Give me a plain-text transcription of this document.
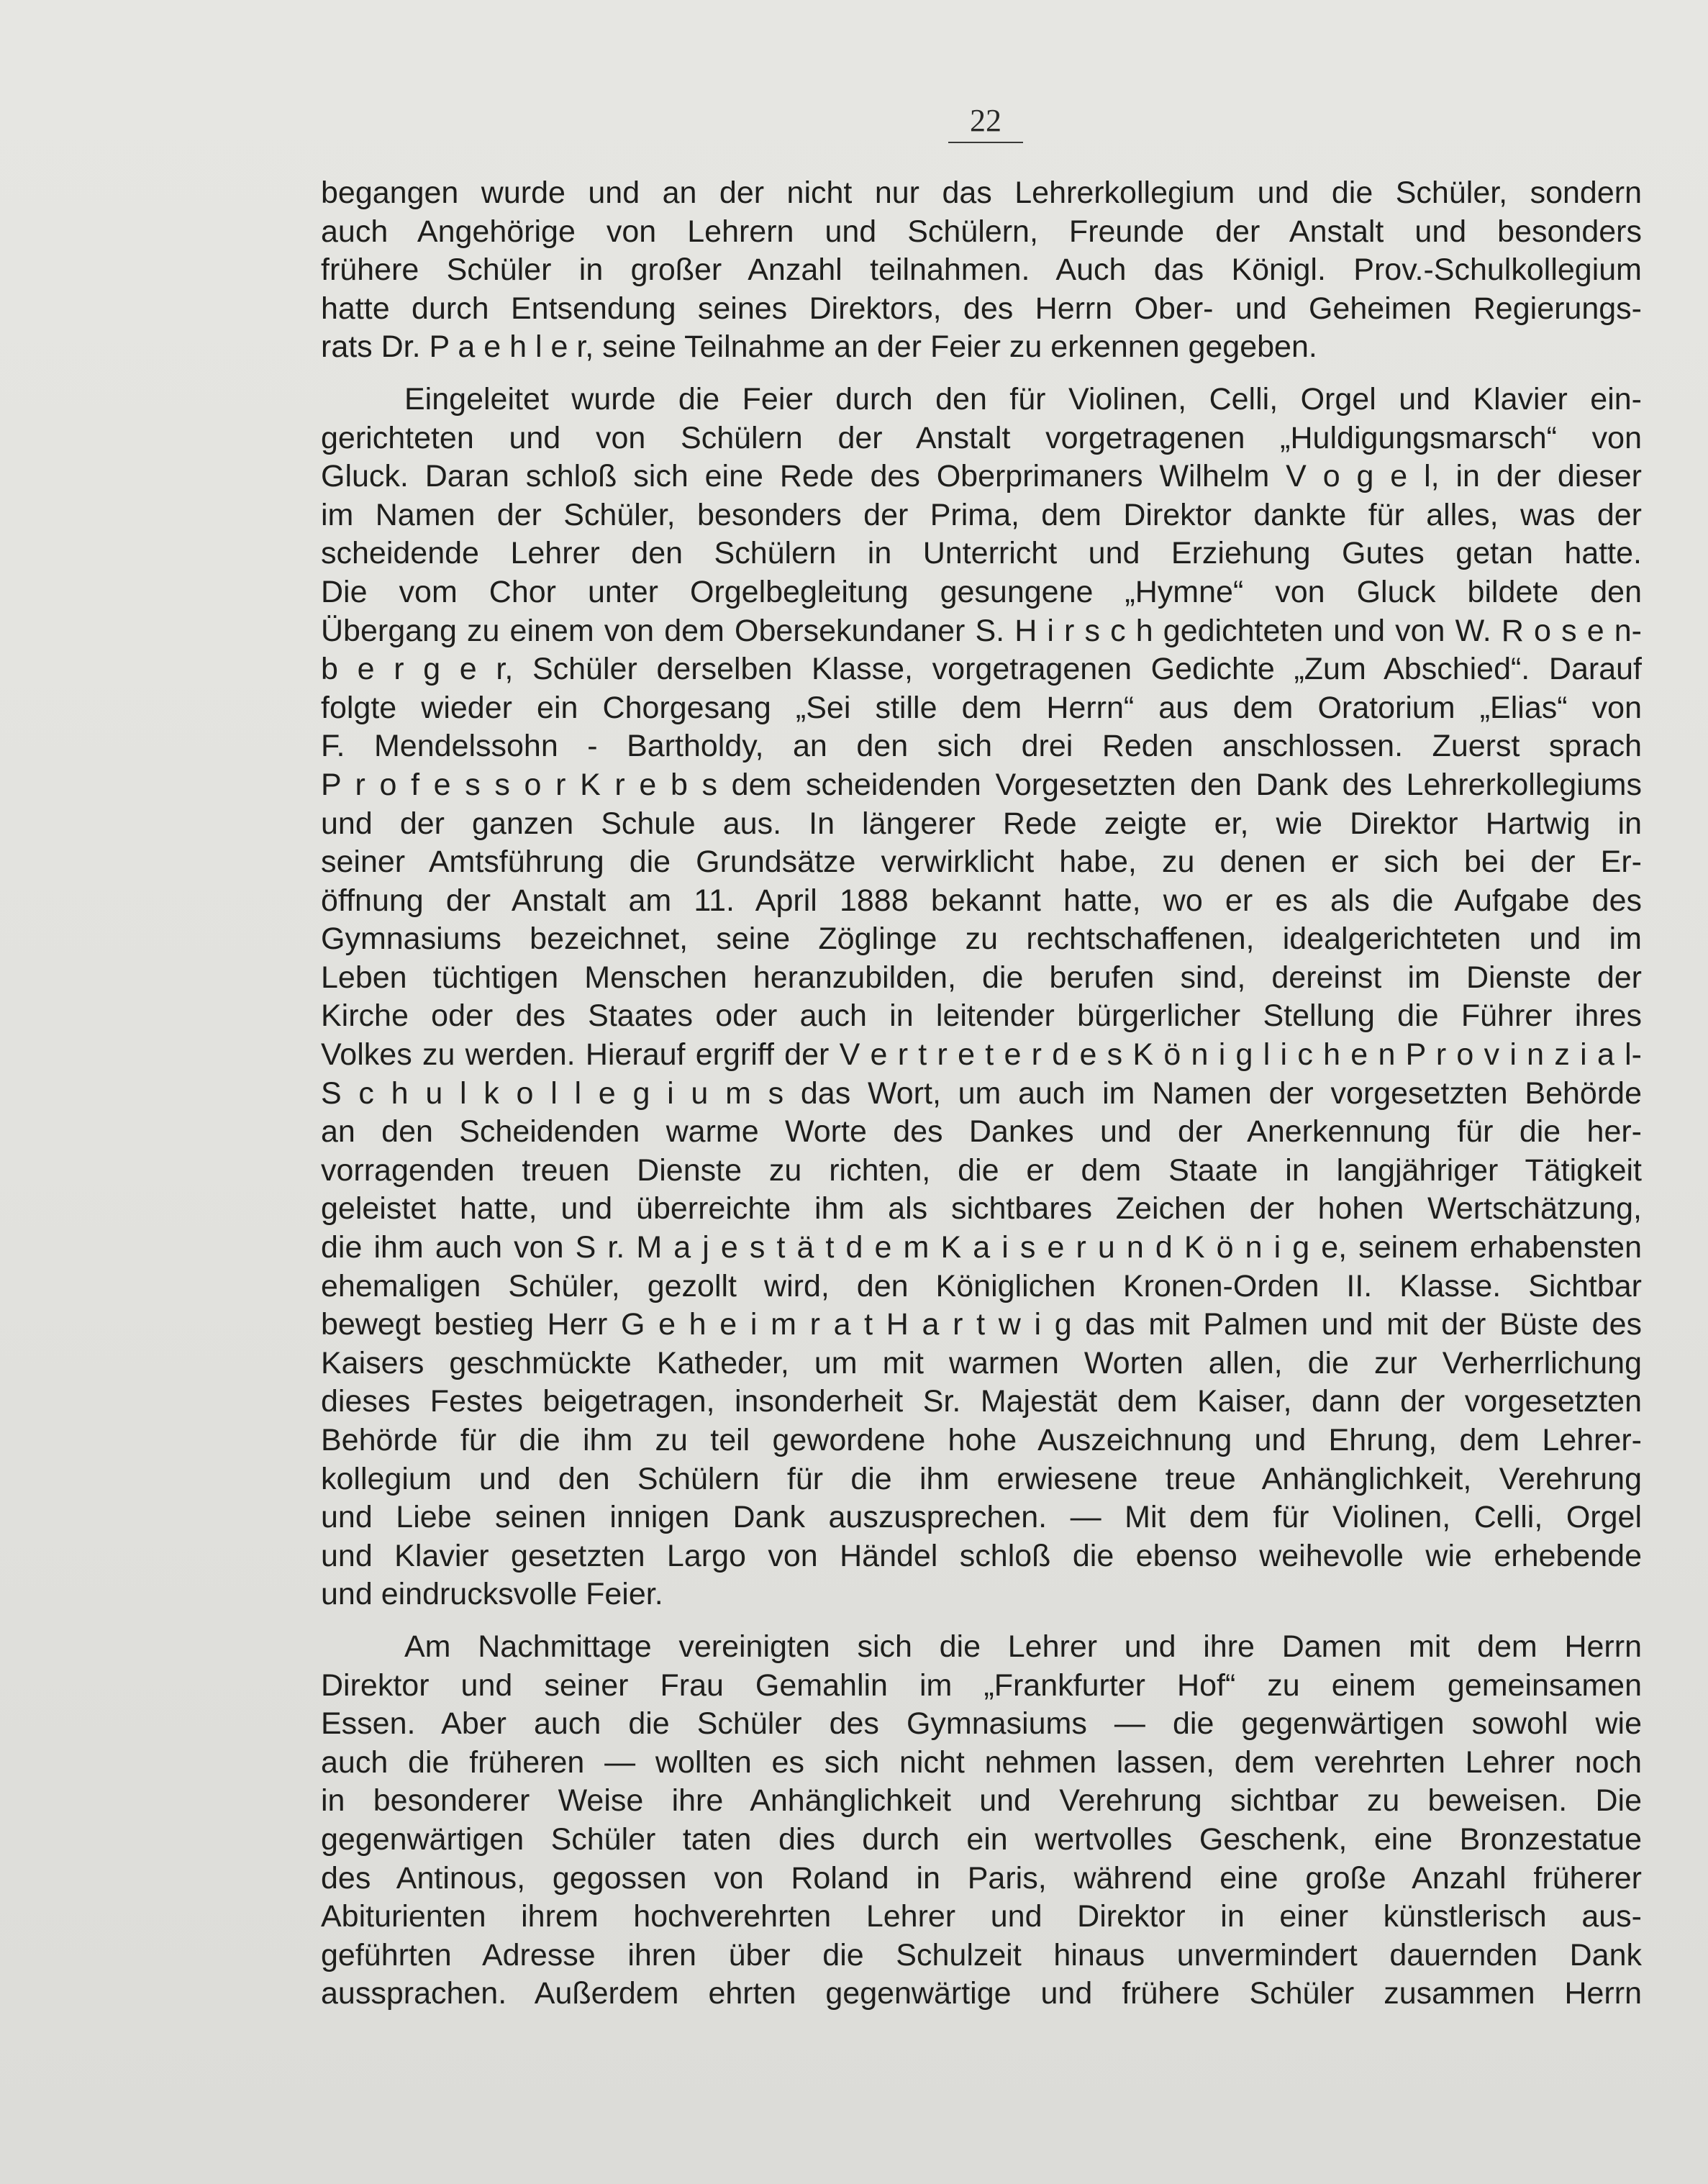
22
begangen wurde und an der nicht nur das Lehrerkollegium und die Schüler, sondern
auch Angehörige von Lehrern und Schülern, Freunde der Anstalt und besonders
frühere Schüler in großer Anzahl teilnahmen. Auch das Königl. Prov.-Schulkollegium
hatte durch Entsendung seines Direktors, des Herrn Ober- und Geheimen Regierungs-
rats Dr. P a e h l e r, seine Teilnahme an der Feier zu erkennen gegeben.
Eingeleitet wurde die Feier durch den für Violinen, Celli, Orgel und Klavier ein-
gerichteten und von Schülern der Anstalt vorgetragenen „Huldigungsmarsch“ von
Gluck. Daran schloß sich eine Rede des Oberprimaners Wilhelm V o g e l, in der dieser
im Namen der Schüler, besonders der Prima, dem Direktor dankte für alles, was der
scheidende Lehrer den Schülern in Unterricht und Erziehung Gutes getan hatte.
Die vom Chor unter Orgelbegleitung gesungene „Hymne“ von Gluck bildete den
Übergang zu einem von dem Obersekundaner S. H i r s c h gedichteten und von W. R o s e n-
b e r g e r, Schüler derselben Klasse, vorgetragenen Gedichte „Zum Abschied“. Darauf
folgte wieder ein Chorgesang „Sei stille dem Herrn“ aus dem Oratorium „Elias“ von
F. Mendelssohn - Bartholdy, an den sich drei Reden anschlossen. Zuerst sprach
P r o f e s s o r K r e b s dem scheidenden Vorgesetzten den Dank des Lehrerkollegiums
und der ganzen Schule aus. In längerer Rede zeigte er, wie Direktor Hartwig in
seiner Amtsführung die Grundsätze verwirklicht habe, zu denen er sich bei der Er-
öffnung der Anstalt am 11. April 1888 bekannt hatte, wo er es als die Aufgabe des
Gymnasiums bezeichnet, seine Zöglinge zu rechtschaffenen, idealgerichteten und im
Leben tüchtigen Menschen heranzubilden, die berufen sind, dereinst im Dienste der
Kirche oder des Staates oder auch in leitender bürgerlicher Stellung die Führer ihres
Volkes zu werden. Hierauf ergriff der V e r t r e t e r d e s K ö n i g l i c h e n P r o v i n z i a l-
S c h u l k o l l e g i u m s das Wort, um auch im Namen der vorgesetzten Behörde
an den Scheidenden warme Worte des Dankes und der Anerkennung für die her-
vorragenden treuen Dienste zu richten, die er dem Staate in langjähriger Tätigkeit
geleistet hatte, und überreichte ihm als sichtbares Zeichen der hohen Wertschätzung,
die ihm auch von S r. M a j e s t ä t d e m K a i s e r u n d K ö n i g e, seinem erhabensten
ehemaligen Schüler, gezollt wird, den Königlichen Kronen-Orden II. Klasse. Sichtbar
bewegt bestieg Herr G e h e i m r a t H a r t w i g das mit Palmen und mit der Büste des
Kaisers geschmückte Katheder, um mit warmen Worten allen, die zur Verherrlichung
dieses Festes beigetragen, insonderheit Sr. Majestät dem Kaiser, dann der vorgesetzten
Behörde für die ihm zu teil gewordene hohe Auszeichnung und Ehrung, dem Lehrer-
kollegium und den Schülern für die ihm erwiesene treue Anhänglichkeit, Verehrung
und Liebe seinen innigen Dank auszusprechen. — Mit dem für Violinen, Celli, Orgel
und Klavier gesetzten Largo von Händel schloß die ebenso weihevolle wie erhebende
und eindrucksvolle Feier.
Am Nachmittage vereinigten sich die Lehrer und ihre Damen mit dem Herrn
Direktor und seiner Frau Gemahlin im „Frankfurter Hof“ zu einem gemeinsamen
Essen. Aber auch die Schüler des Gymnasiums — die gegenwärtigen sowohl wie
auch die früheren — wollten es sich nicht nehmen lassen, dem verehrten Lehrer noch
in besonderer Weise ihre Anhänglichkeit und Verehrung sichtbar zu beweisen. Die
gegenwärtigen Schüler taten dies durch ein wertvolles Geschenk, eine Bronzestatue
des Antinous, gegossen von Roland in Paris, während eine große Anzahl früherer
Abiturienten ihrem hochverehrten Lehrer und Direktor in einer künstlerisch aus-
geführten Adresse ihren über die Schulzeit hinaus unvermindert dauernden Dank
aussprachen. Außerdem ehrten gegenwärtige und frühere Schüler zusammen Herrn
